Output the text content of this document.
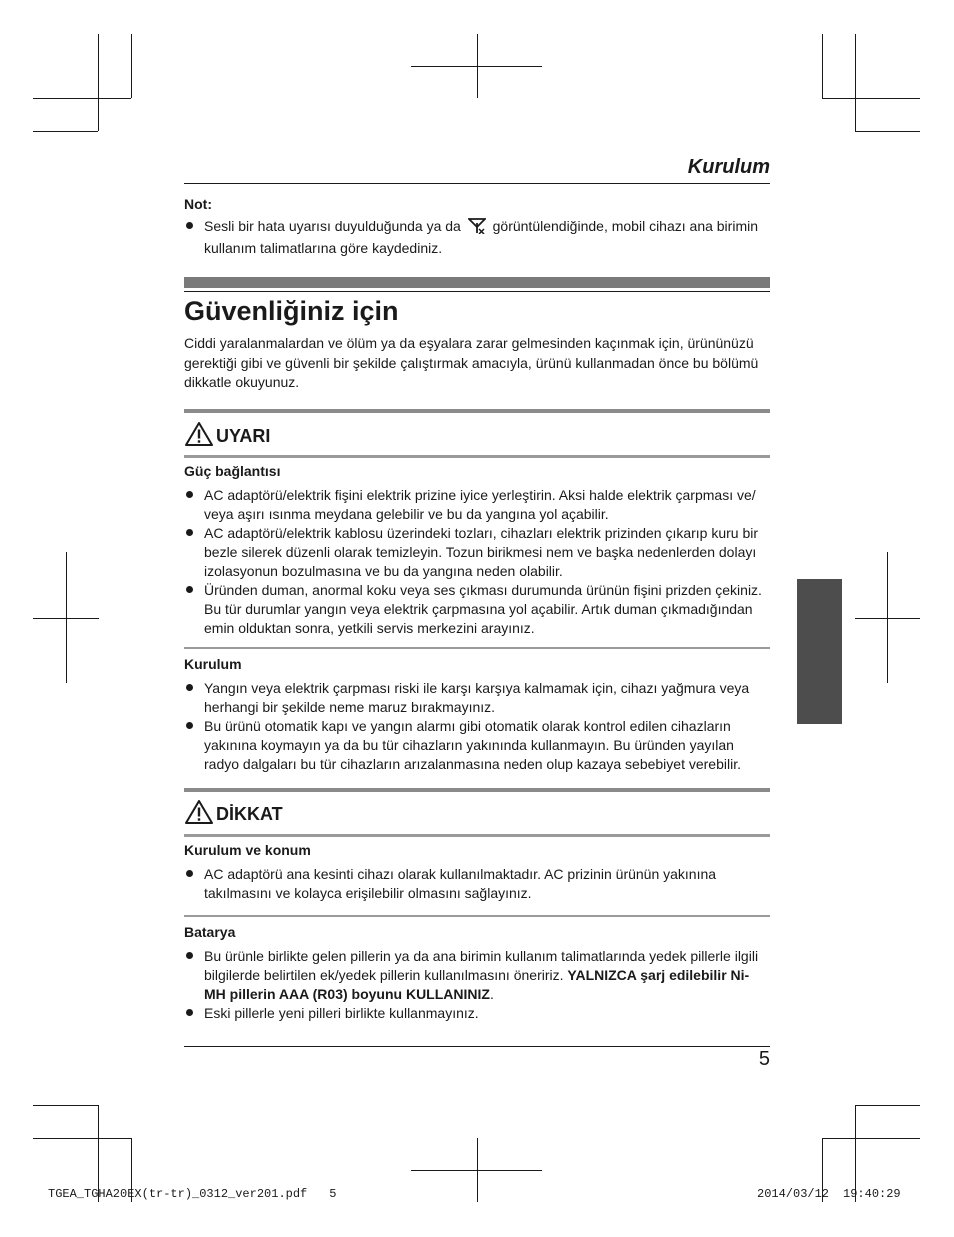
Kurulum

Not:

Sesli bir hata uyarısı duyulduğunda ya da görüntülendiğinde, mobil cihazı ana birimin kullanım talimatlarına göre kaydediniz.
Güvenliğiniz için

Ciddi yaralanmalardan ve ölüm ya da eşyalara zarar gelmesinden kaçınmak için, ürününüzü gerektiği gibi ve güvenli bir şekilde çalıştırmak amacıyla, ürünü kullanmadan önce bu bölümü dikkatle okuyunuz.

UYARI

Güç bağlantısı

AC adaptörü/elektrik fişini elektrik prizine iyice yerleştirin. Aksi halde elektrik çarpması ve/ veya aşırı ısınma meydana gelebilir ve bu da yangına yol açabilir.
AC adaptörü/elektrik kablosu üzerindeki tozları, cihazları elektrik prizinden çıkarıp kuru bir bezle silerek düzenli olarak temizleyin. Tozun birikmesi nem ve başka nedenlerden dolayı izolasyonun bozulmasına ve bu da yangına neden olabilir.
Üründen duman, anormal koku veya ses çıkması durumunda ürünün fişini prizden çekiniz. Bu tür durumlar yangın veya elektrik çarpmasına yol açabilir. Artık duman çıkmadığından emin olduktan sonra, yetkili servis merkezini arayınız.

Kurulum

Yangın veya elektrik çarpması riski ile karşı karşıya kalmamak için, cihazı yağmura veya herhangi bir şekilde neme maruz bırakmayınız.
Bu ürünü otomatik kapı ve yangın alarmı gibi otomatik olarak kontrol edilen cihazların yakınına koymayın ya da bu tür cihazların yakınında kullanmayın. Bu üründen yayılan radyo dalgaları bu tür cihazların arızalanmasına neden olup kazaya sebebiyet verebilir.
DİKKAT

Kurulum ve konum

AC adaptörü ana kesinti cihazı olarak kullanılmaktadır. AC prizinin ürünün yakınına takılmasını ve kolayca erişilebilir olmasını sağlayınız.

Batarya

Bu ürünle birlikte gelen pillerin ya da ana birimin kullanım talimatlarında yedek pillerle ilgili bilgilerde belirtilen ek/yedek pillerin kullanılmasını öneririz. YALNIZCA şarj edilebilir Ni-MH pillerin AAA (R03) boyunu KULLANINIZ.
Eski pillerle yeni pilleri birlikte kullanmayınız.
5
TGEA_TGHA20EX(tr-tr)_0312_ver201.pdf 5	2014/03/12 19:40:29
